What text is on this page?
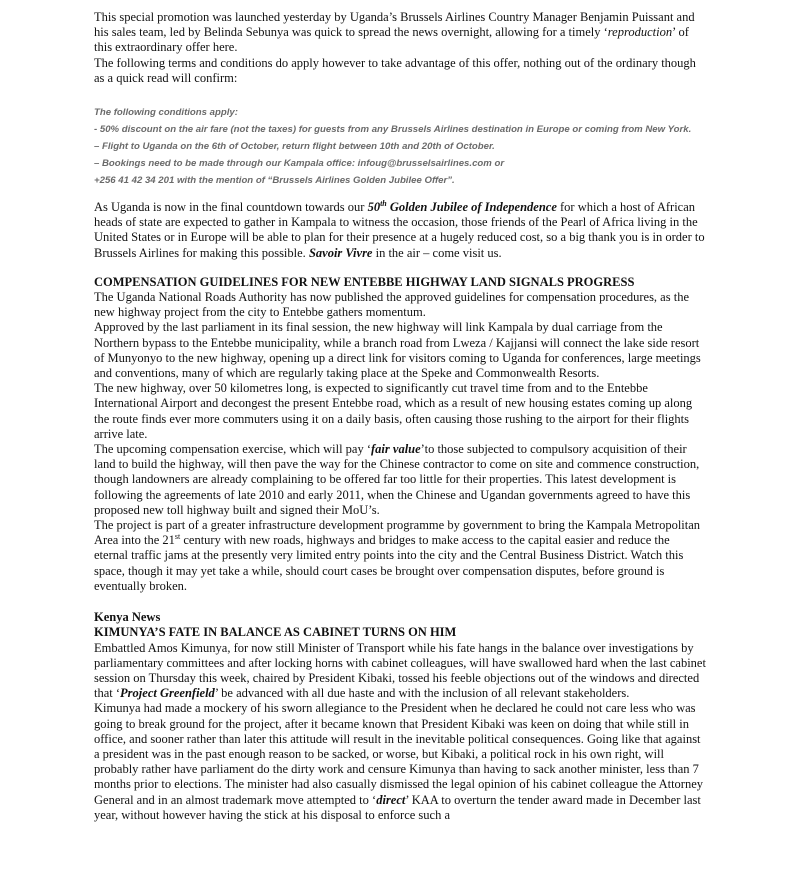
This special promotion was launched yesterday by Uganda’s Brussels Airlines Country Manager Benjamin Puissant and his sales team, led by Belinda Sebunya was quick to spread the news overnight, allowing for a timely ‘reproduction’ of this extraordinary offer here.

The following terms and conditions do apply however to take advantage of this offer, nothing out of the ordinary though as a quick read will confirm:

The following conditions apply:
- 50% discount on the air fare (not the taxes) for guests from any Brussels Airlines destination in Europe or coming from New York.
– Flight to Uganda on the 6th of October, return flight between 10th and 20th of October.
– Bookings need to be made through our Kampala office: infoug@brusselsairlines.com or
+256 41 42 34 201 with the mention of “Brussels Airlines Golden Jubilee Offer”.

As Uganda is now in the final countdown towards our 50th Golden Jubilee of Independence for which a host of African heads of state are expected to gather in Kampala to witness the occasion, those friends of the Pearl of Africa living in the United States or in Europe will be able to plan for their presence at a hugely reduced cost, so a big thank you is in order to Brussels Airlines for making this possible. Savoir Vivre in the air – come visit us.

COMPENSATION GUIDELINES FOR NEW ENTEBBE HIGHWAY LAND SIGNALS PROGRESS

The Uganda National Roads Authority has now published the approved guidelines for compensation procedures, as the new highway project from the city to Entebbe gathers momentum.

Approved by the last parliament in its final session, the new highway will link Kampala by dual carriage from the Northern bypass to the Entebbe municipality, while a branch road from Lweza / Kajjansi will connect the lake side resort of Munyonyo to the new highway, opening up a direct link for visitors coming to Uganda for conferences, large meetings and conventions, many of which are regularly taking place at the Speke and Commonwealth Resorts.

The new highway, over 50 kilometres long, is expected to significantly cut travel time from and to the Entebbe International Airport and decongest the present Entebbe road, which as a result of new housing estates coming up along the route finds ever more commuters using it on a daily basis, often causing those rushing to the airport for their flights arrive late.

The upcoming compensation exercise, which will pay ‘fair value’to those subjected to compulsory acquisition of their land to build the highway, will then pave the way for the Chinese contractor to come on site and commence construction, though landowners are already complaining to be offered far too little for their properties. This latest development is following the agreements of late 2010 and early 2011, when the Chinese and Ugandan governments agreed to have this proposed new toll highway built and signed their MoU’s.

The project is part of a greater infrastructure development programme by government to bring the Kampala Metropolitan Area into the 21st century with new roads, highways and bridges to make access to the capital easier and reduce the eternal traffic jams at the presently very limited entry points into the city and the Central Business District. Watch this space, though it may yet take a while, should court cases be brought over compensation disputes, before ground is eventually broken.

Kenya News

KIMUNYA’S FATE IN BALANCE AS CABINET TURNS ON HIM

Embattled Amos Kimunya, for now still Minister of Transport while his fate hangs in the balance over investigations by parliamentary committees and after locking horns with cabinet colleagues, will have swallowed hard when the last cabinet session on Thursday this week, chaired by President Kibaki, tossed his feeble objections out of the windows and directed that ‘Project Greenfield’ be advanced with all due haste and with the inclusion of all relevant stakeholders.

Kimunya had made a mockery of his sworn allegiance to the President when he declared he could not care less who was going to break ground for the project, after it became known that President Kibaki was keen on doing that while still in office, and sooner rather than later this attitude will result in the inevitable political consequences. Going like that against a president was in the past enough reason to be sacked, or worse, but Kibaki, a political rock in his own right, will probably rather have parliament do the dirty work and censure Kimunya than having to sack another minister, less than 7 months prior to elections. The minister had also casually dismissed the legal opinion of his cabinet colleague the Attorney General and in an almost trademark move attempted to ‘direct’ KAA to overturn the tender award made in December last year, without however having the stick at his disposal to enforce such a
